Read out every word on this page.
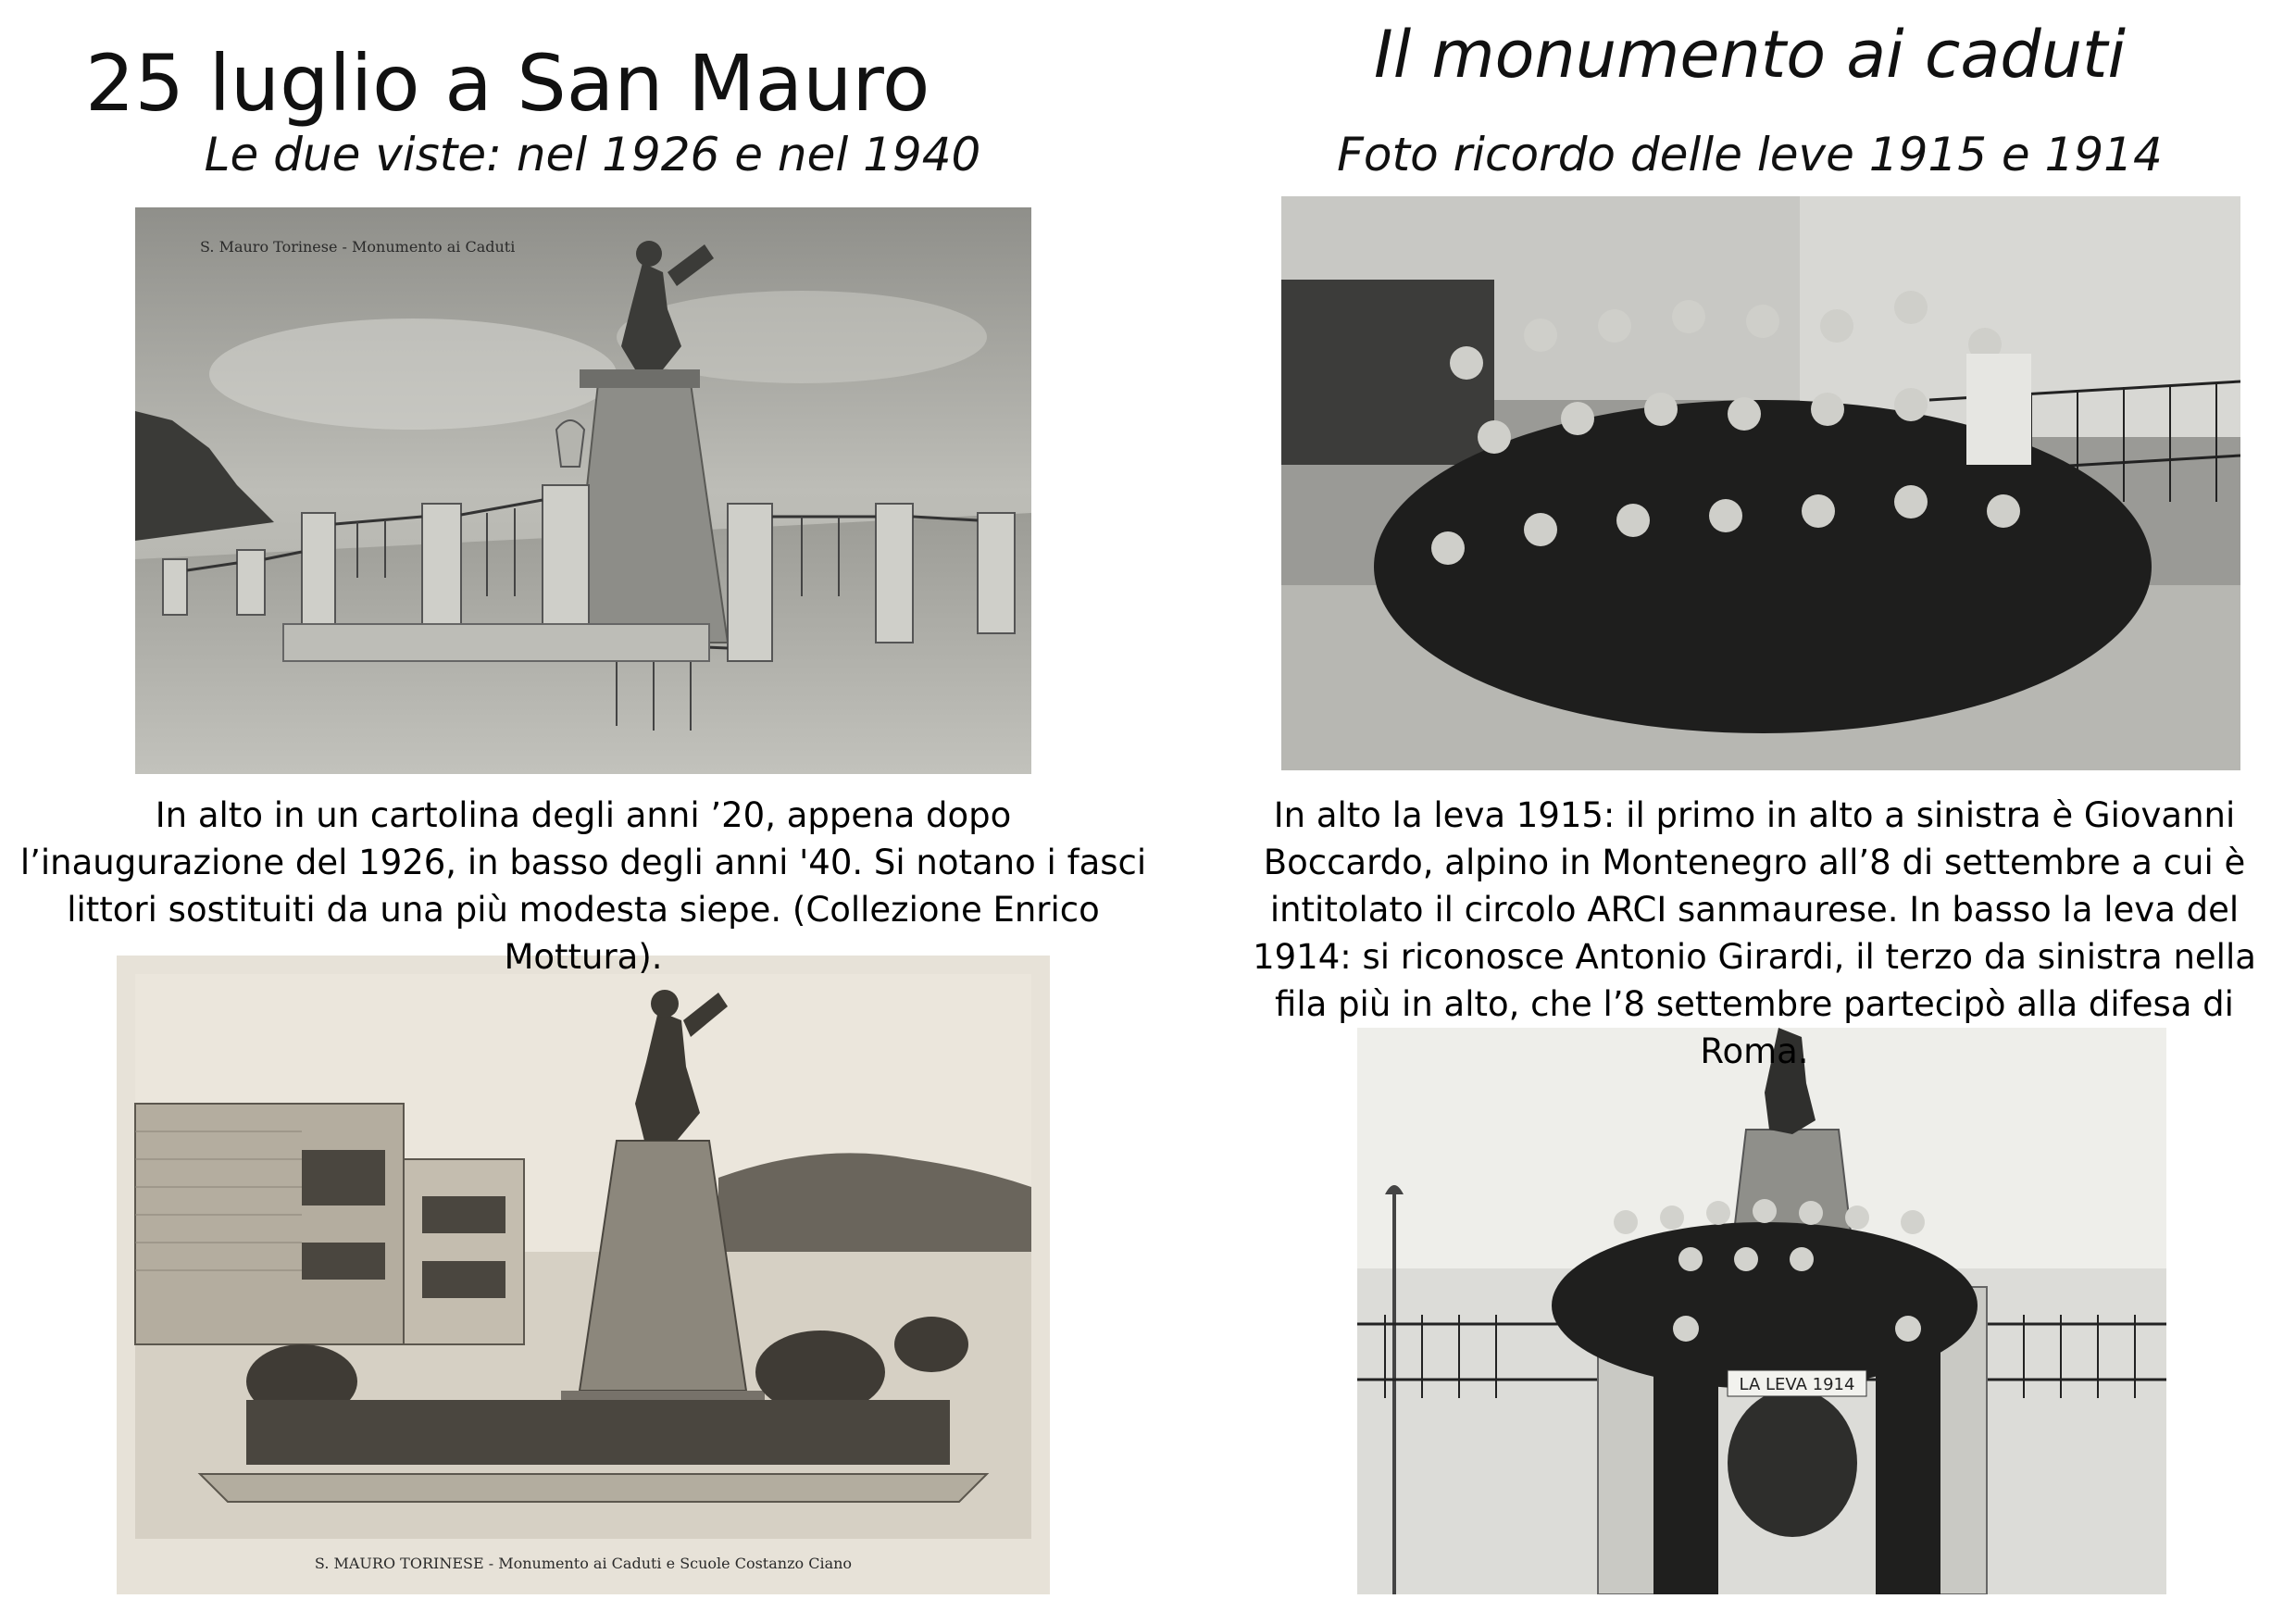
25 luglio a San Mauro
Le due viste: nel 1926 e nel 1940
Il monumento ai caduti
Foto ricordo delle leve 1915 e 1914
S. Mauro Torinese - Monumento ai Caduti
S. MAURO TORINESE - Monumento ai Caduti e Scuole Costanzo Ciano
LA LEVA 1914
In alto in un cartolina degli anni ’20, appena dopo l’inaugurazione del 1926, in basso degli anni '40. Si notano i fasci littori sostituiti da una più modesta siepe. (Collezione Enrico Mottura).
In alto la leva 1915: il primo in alto a sinistra è Giovanni Boccardo, alpino in Montenegro all’8 di settembre a cui è intitolato il circolo ARCI sanmaurese. In basso la leva del 1914: si riconosce Antonio Girardi, il terzo da sinistra nella fila più in alto, che l’8 settembre partecipò alla difesa di Roma.
